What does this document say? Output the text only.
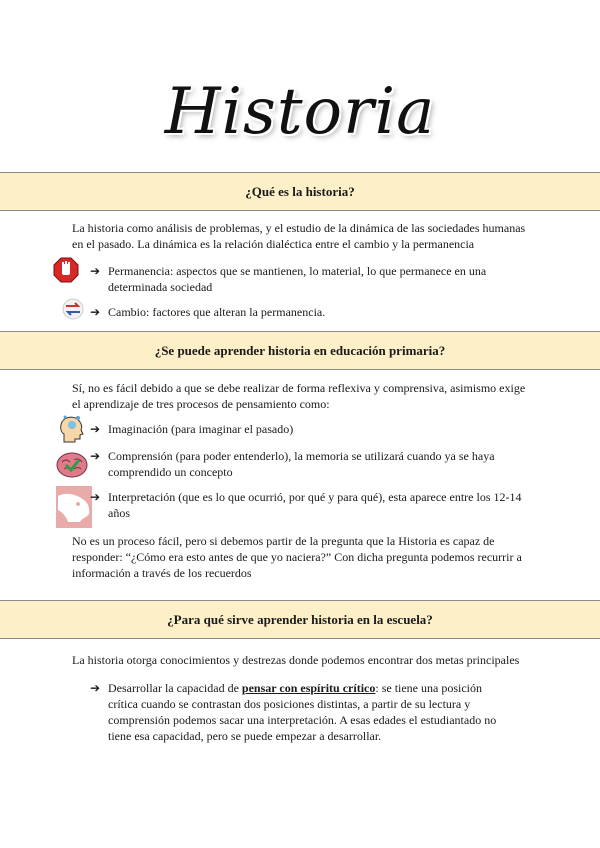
Historia
¿Qué es la historia?
La historia como análisis de problemas, y el estudio de la dinámica de las sociedades humanas en el pasado. La dinámica es la relación dialéctica entre el cambio y la permanencia
➔ Permanencia: aspectos que se mantienen, lo material, lo que permanece en una determinada sociedad
➔ Cambio: factores que alteran la permanencia.
¿Se puede aprender historia en educación primaria?
Sí, no es fácil debido a que se debe realizar de forma reflexiva y comprensiva, asimismo exige el aprendizaje de tres procesos de pensamiento como:
➔ Imaginación (para imaginar el pasado)
➔ Comprensión (para poder entenderlo), la memoria se utilizará cuando ya se haya comprendido un concepto
➔ Interpretación (que es lo que ocurrió, por qué y para qué), esta aparece entre los 12-14 años
No es un proceso fácil, pero si debemos partir de la pregunta que la Historia es capaz de responder: “¿Cómo era esto antes de que yo naciera?” Con dicha pregunta podemos recurrir a información a través de los recuerdos
¿Para qué sirve aprender historia en la escuela?
La historia otorga conocimientos y destrezas donde podemos encontrar dos metas principales
➔ Desarrollar la capacidad de pensar con espíritu crítico: se tiene una posición crítica cuando se contrastan dos posiciones distintas, a partir de su lectura y comprensión podemos sacar una interpretación. A esas edades el estudiantado no tiene esa capacidad, pero se puede empezar a desarrollar.
